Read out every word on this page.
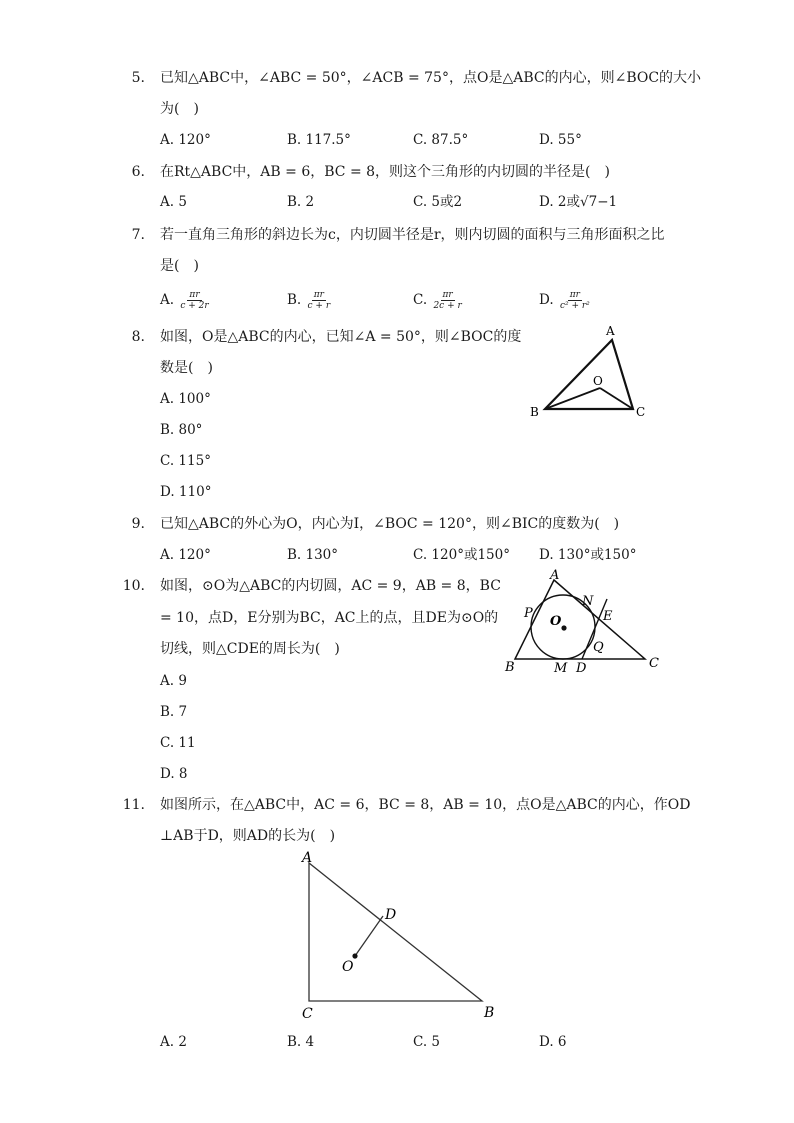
5. 已知△ABC中，∠ABC = 50°，∠ACB = 75°，点O是△ABC的内心，则∠BOC的大小
为(　)
A. 120°	B. 117.5°	C. 87.5°	D. 55°
6. 在Rt△ABC中，AB = 6，BC = 8，则这个三角形的内切圆的半径是(　)
A. 5	B. 2	C. 5或2	D. 2或√7−1
7. 若一直角三角形的斜边长为c，内切圆半径是r，则内切圆的面积与三角形面积之比
是(　)
A. $\frac{\pi r}{c + 2r}$	B. $\frac{\pi r}{c + r}$	C. $\frac{\pi r}{2c + r}$	D. $\frac{\pi r}{\text{c² + r²}}$
8. 如图，O是△ABC的内心，已知∠A = 50°，则∠BOC的度
数是(　)
A. 100°
B. 80°
C. 115°
D. 110°
A
B	C
O
9. 已知△ABC的外心为O，内心为I，∠BOC = 120°，则∠BIC的度数为(　)
A. 120°	B. 130°	C. 120°或150° D. 130°或150°
10. 如图，⊙O为△ABC的内切圆，AC = 9，AB = 8，BC
= 10，点D，E分别为BC，AC上的点，且DE为⊙O的
切线，则△CDE的周长为(　)
A. 9
B. 7
C. 11
D. 8
A
B	C
O
P
N
E
Q
M D
11. 如图所示，在△ABC中，AC = 6，BC = 8，AB = 10，点O是△ABC的内心，作OD
⊥AB于D，则AD的长为(　)
A
C	B
D
O
A. 2	B. 4	C. 5	D. 6
